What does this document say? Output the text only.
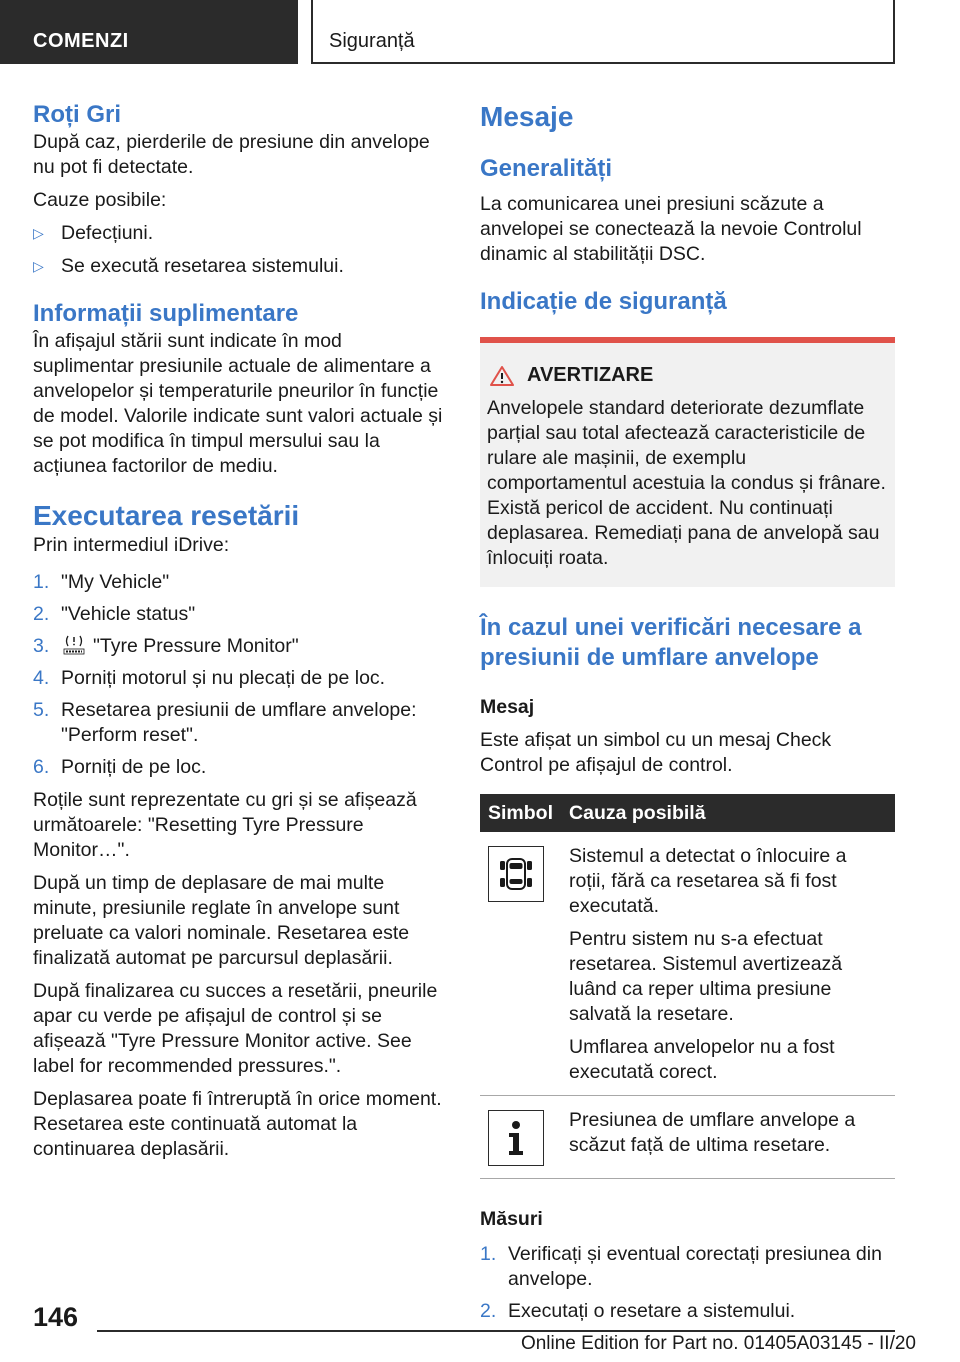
COMENZI	Siguranță
Roți Gri
După caz, pierderile de presiune din anvelope nu pot fi detectate.
Cauze posibile:
▷ Defecțiuni.
▷ Se execută resetarea sistemului.
Informații suplimentare
În afișajul stării sunt indicate în mod suplimentar presiunile actuale de alimentare a anvelopelor și temperaturile pneurilor în funcție de model. Valorile indicate sunt valori actuale și se pot modifica în timpul mersului sau la acțiunea factorilor de mediu.
Executarea resetării
Prin intermediul iDrive:
1. "My Vehicle"
2. "Vehicle status"
3. "Tyre Pressure Monitor"
4. Porniți motorul și nu plecați de pe loc.
5. Resetarea presiunii de umflare anvelope: "Perform reset".
6. Porniți de pe loc.
Roțile sunt reprezentate cu gri și se afișează următoarele: "Resetting Tyre Pressure Monitor…".
După un timp de deplasare de mai multe minute, presiunile reglate în anvelope sunt preluate ca valori nominale. Resetarea este finalizată automat pe parcursul deplasării.
După finalizarea cu succes a resetării, pneurile apar cu verde pe afișajul de control și se afișează "Tyre Pressure Monitor active. See label for recommended pressures.".
Deplasarea poate fi întreruptă în orice moment. Resetarea este continuată automat la continuarea deplasării.
Mesaje
Generalități
La comunicarea unei presiuni scăzute a anvelopei se conectează la nevoie Controlul dinamic al stabilității DSC.
Indicație de siguranță
AVERTIZARE
Anvelopele standard deteriorate dezumflate parțial sau total afectează caracteristicile de rulare ale mașinii, de exemplu comportamentul acestuia la condus și frânare. Există pericol de accident. Nu continuați deplasarea. Remediați pana de anvelopă sau înlocuiți roata.
În cazul unei verificări necesare a presiunii de umflare anvelope
Mesaj
Este afișat un simbol cu un mesaj Check Control pe afișajul de control.
Simbol	Cauza posibilă

Sistemul a detectat o înlocuire a roții, fără ca resetarea să fi fost executată.
Pentru sistem nu s-a efectuat resetarea. Sistemul avertizează luând ca reper ultima presiune salvată la resetare.
Umflarea anvelopelor nu a fost executată corect.

Presiunea de umflare anvelope a scăzut față de ultima resetare.
Măsuri
1. Verificați și eventual corectați presiunea din anvelope.
2. Executați o resetare a sistemului.
146
Online Edition for Part no. 01405A03145 - II/20
